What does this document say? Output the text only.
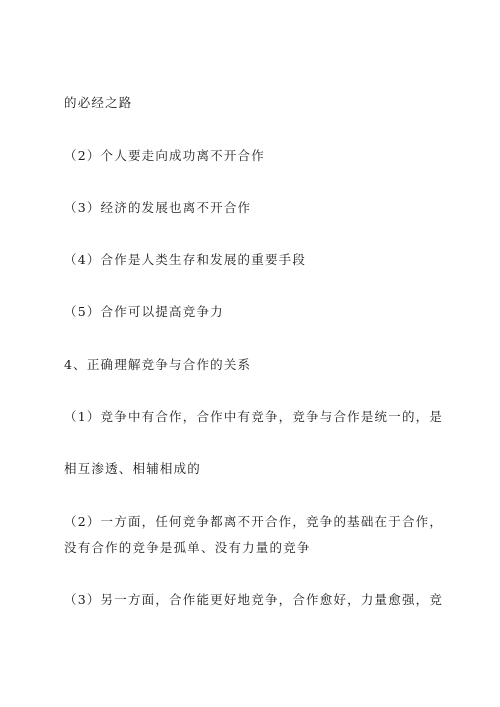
的必经之路
（2）个人要走向成功离不开合作
（3）经济的发展也离不开合作
（4）合作是人类生存和发展的重要手段
（5）合作可以提高竞争力
4、正确理解竞争与合作的关系
（1）竞争中有合作，合作中有竞争，竞争与合作是统一的，是
相互渗透、相辅相成的
（2）一方面，任何竞争都离不开合作，竞争的基础在于合作，
没有合作的竞争是孤单、没有力量的竞争
（3）另一方面，合作能更好地竞争，合作愈好，力量愈强，竞
